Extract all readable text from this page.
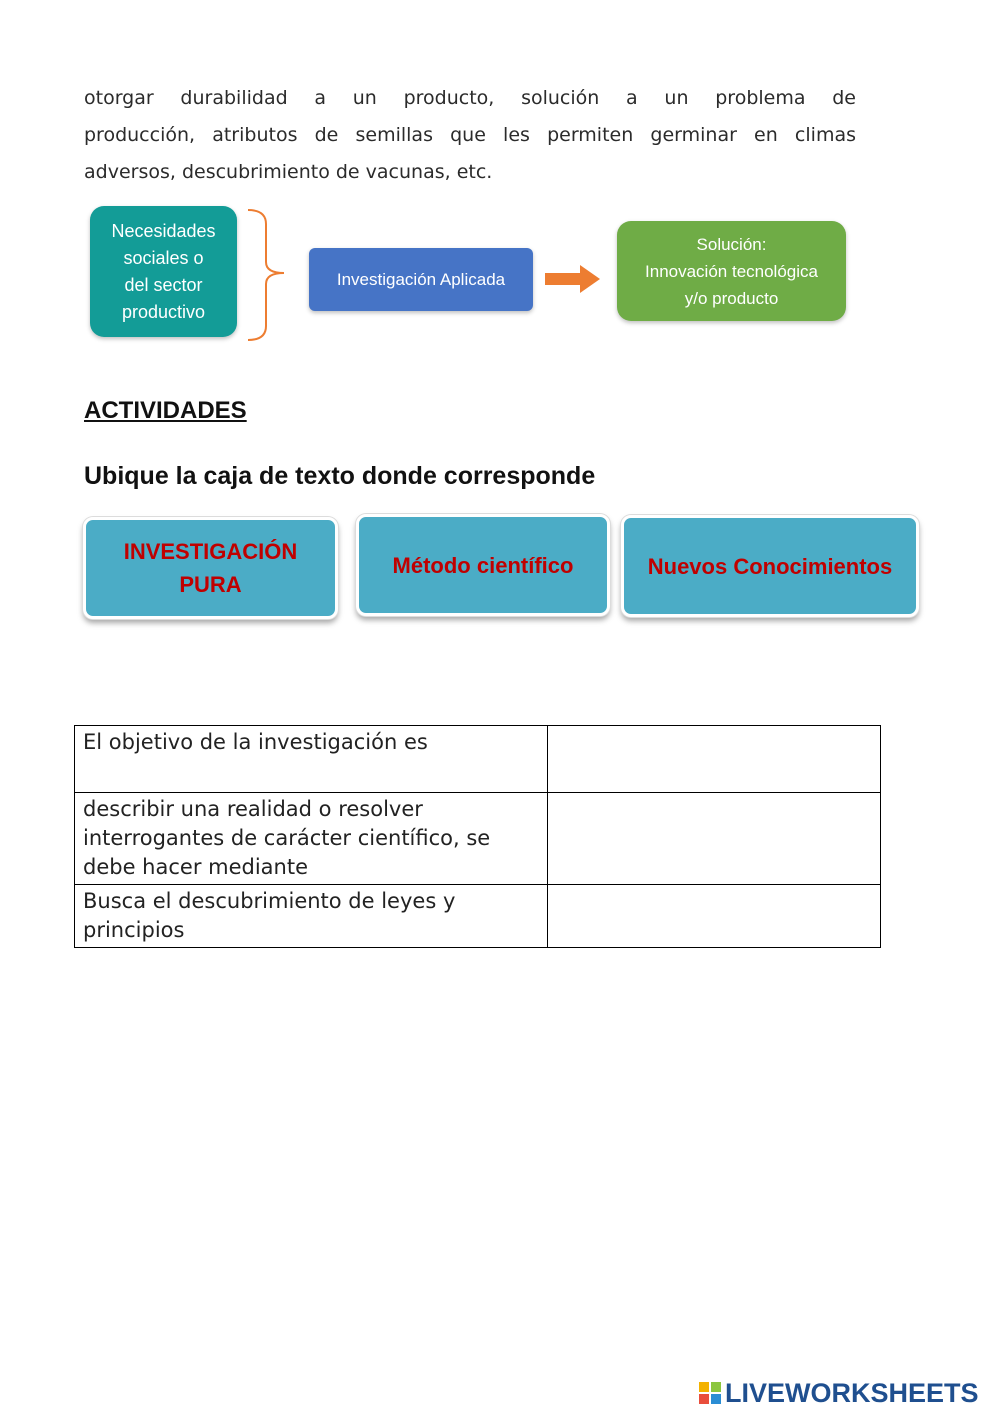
otorgar durabilidad a un producto, solución a un problema de

producción, atributos de semillas que les permiten germinar en climas

adversos, descubrimiento de vacunas, etc.

Necesidades
sociales o
del sector
productivo
Investigación Aplicada
Solución:
Innovación tecnológica
y/o producto
ACTIVIDADES
Ubique la caja de texto donde corresponde
INVESTIGACIÓN
PURA
Método científico	Nuevos Conocimientos
El objetivo de la investigación es	
describir una realidad o resolver interrogantes de carácter científico, se debe hacer mediante	
Busca el descubrimiento de leyes y principios	
LIVEWORKSHEETS
